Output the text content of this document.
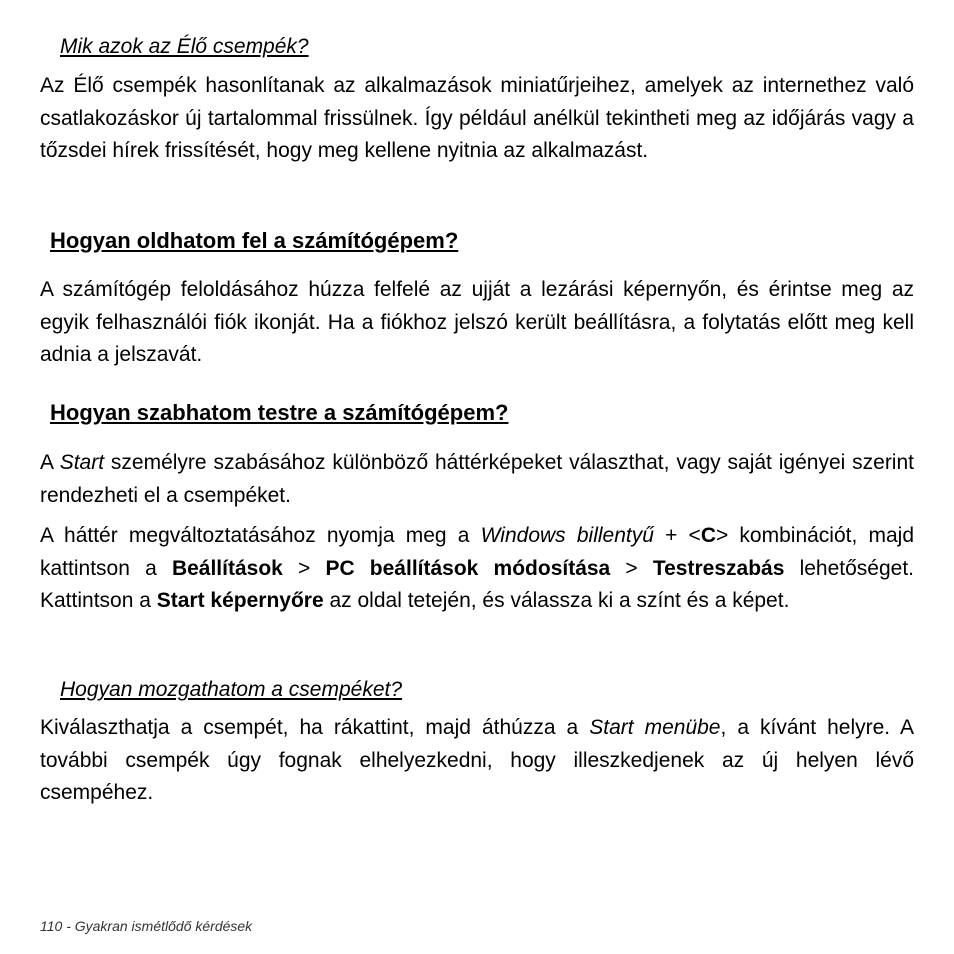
Mik azok az Élő csempék?

Az Élő csempék hasonlítanak az alkalmazások miniatűrjeihez, amelyek az internethez való csatlakozáskor új tartalommal frissülnek. Így például anélkül tekintheti meg az időjárás vagy a tőzsdei hírek frissítését, hogy meg kellene nyitnia az alkalmazást.

Hogyan oldhatom fel a számítógépem?

A számítógép feloldásához húzza felfelé az ujját a lezárási képernyőn, és érintse meg az egyik felhasználói fiók ikonját. Ha a fiókhoz jelszó került beállításra, a folytatás előtt meg kell adnia a jelszavát.

Hogyan szabhatom testre a számítógépem?

A Start személyre szabásához különböző háttérképeket választhat, vagy saját igényei szerint rendezheti el a csempéket.

A háttér megváltoztatásához nyomja meg a Windows billentyű + <C> kombinációt, majd kattintson a Beállítások > PC beállítások módosítása > Testreszabás lehetőséget. Kattintson a Start képernyőre az oldal tetején, és válassza ki a színt és a képet.

Hogyan mozgathatom a csempéket?

Kiválaszthatja a csempét, ha rákattint, majd áthúzza a Start menübe, a kívánt helyre. A további csempék úgy fognak elhelyezkedni, hogy illeszkedjenek az új helyen lévő csempéhez.

110 - Gyakran ismétlődő kérdések
